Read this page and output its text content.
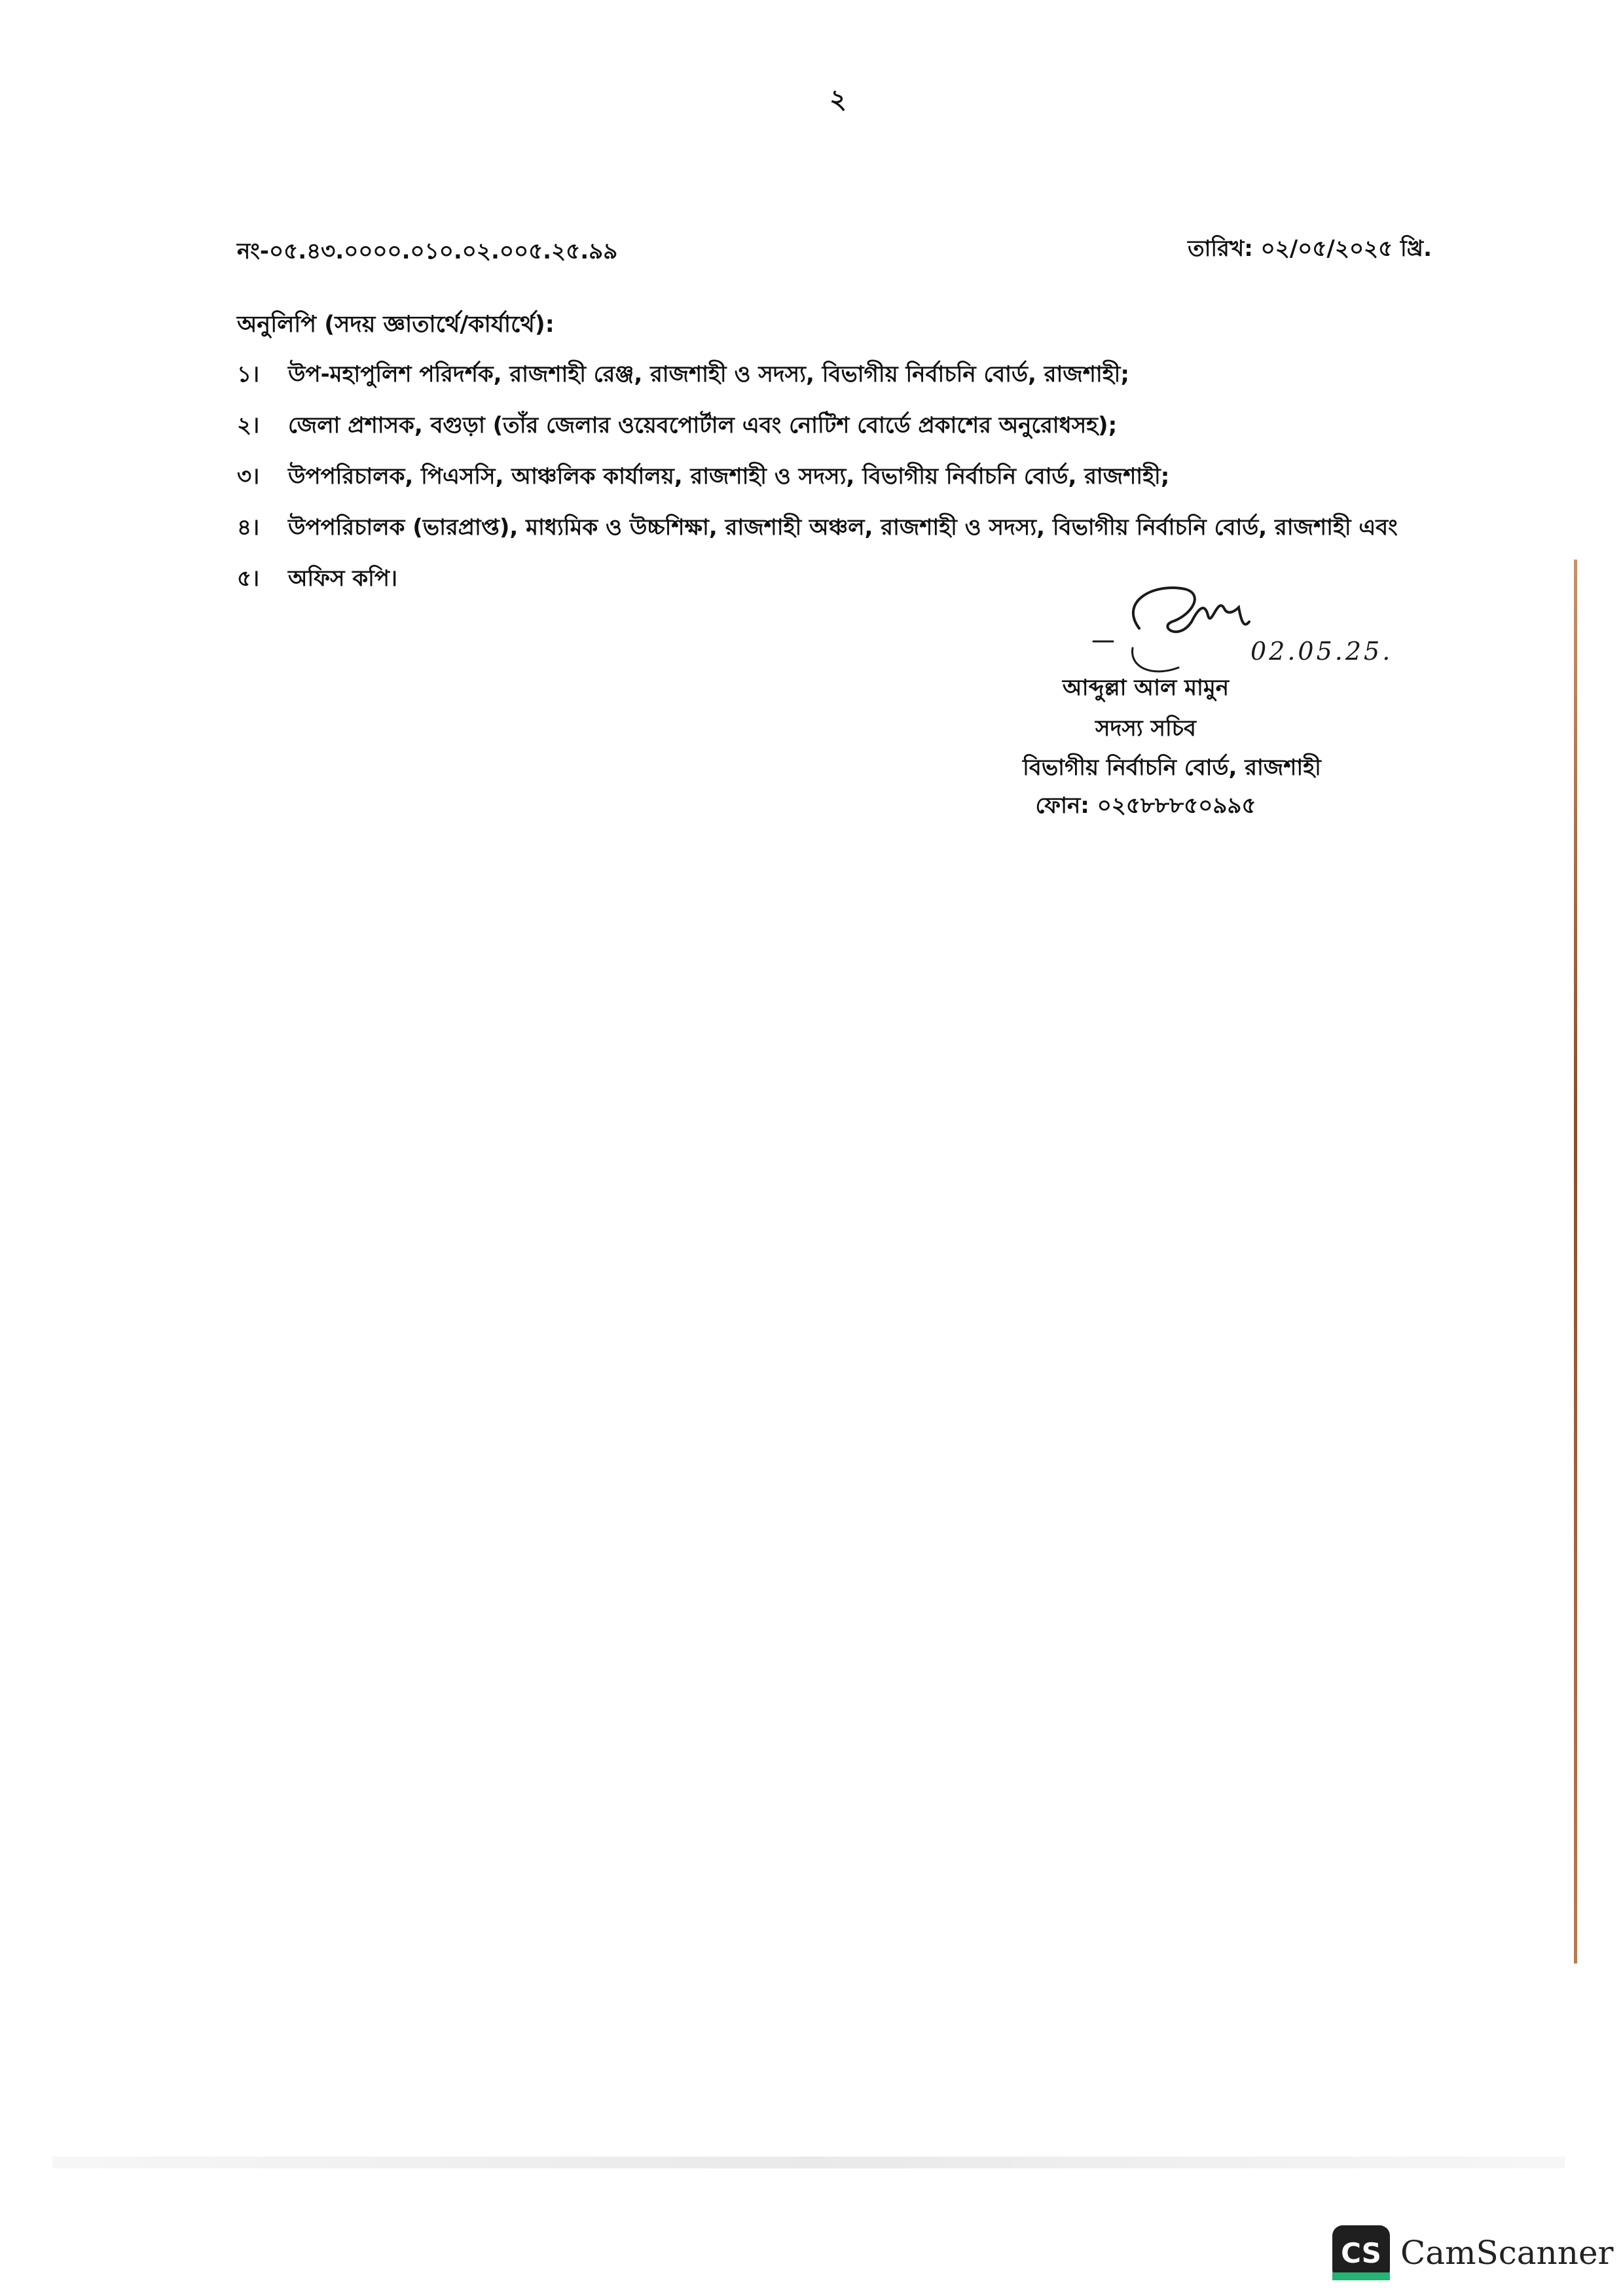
২
নং-০৫.৪৩.০০০০.০১০.০২.০০৫.২৫.৯৯	তারিখ: ০২/০৫/২০২৫ খ্রি.
অনুলিপি (সদয় জ্ঞাতার্থে/কার্যার্থে):
১।	উপ-মহাপুলিশ পরিদর্শক, রাজশাহী রেঞ্জ, রাজশাহী ও সদস্য, বিভাগীয় নির্বাচনি বোর্ড, রাজশাহী;
২।	জেলা প্রশাসক, বগুড়া (তাঁর জেলার ওয়েবপোর্টাল এবং নোটিশ বোর্ডে প্রকাশের অনুরোধসহ);
৩।	উপপরিচালক, পিএসসি, আঞ্চলিক কার্যালয়, রাজশাহী ও সদস্য, বিভাগীয় নির্বাচনি বোর্ড, রাজশাহী;
৪।	উপপরিচালক (ভারপ্রাপ্ত), মাধ্যমিক ও উচ্চশিক্ষা, রাজশাহী অঞ্চল, রাজশাহী ও সদস্য, বিভাগীয় নির্বাচনি বোর্ড, রাজশাহী এবং
৫।	অফিস কপি।
02.05.25.
আব্দুল্লা আল মামুন
সদস্য সচিব
বিভাগীয় নির্বাচনি বোর্ড, রাজশাহী
ফোন: ০২৫৮৮৮৫০৯৯৫
CS CamScanner
